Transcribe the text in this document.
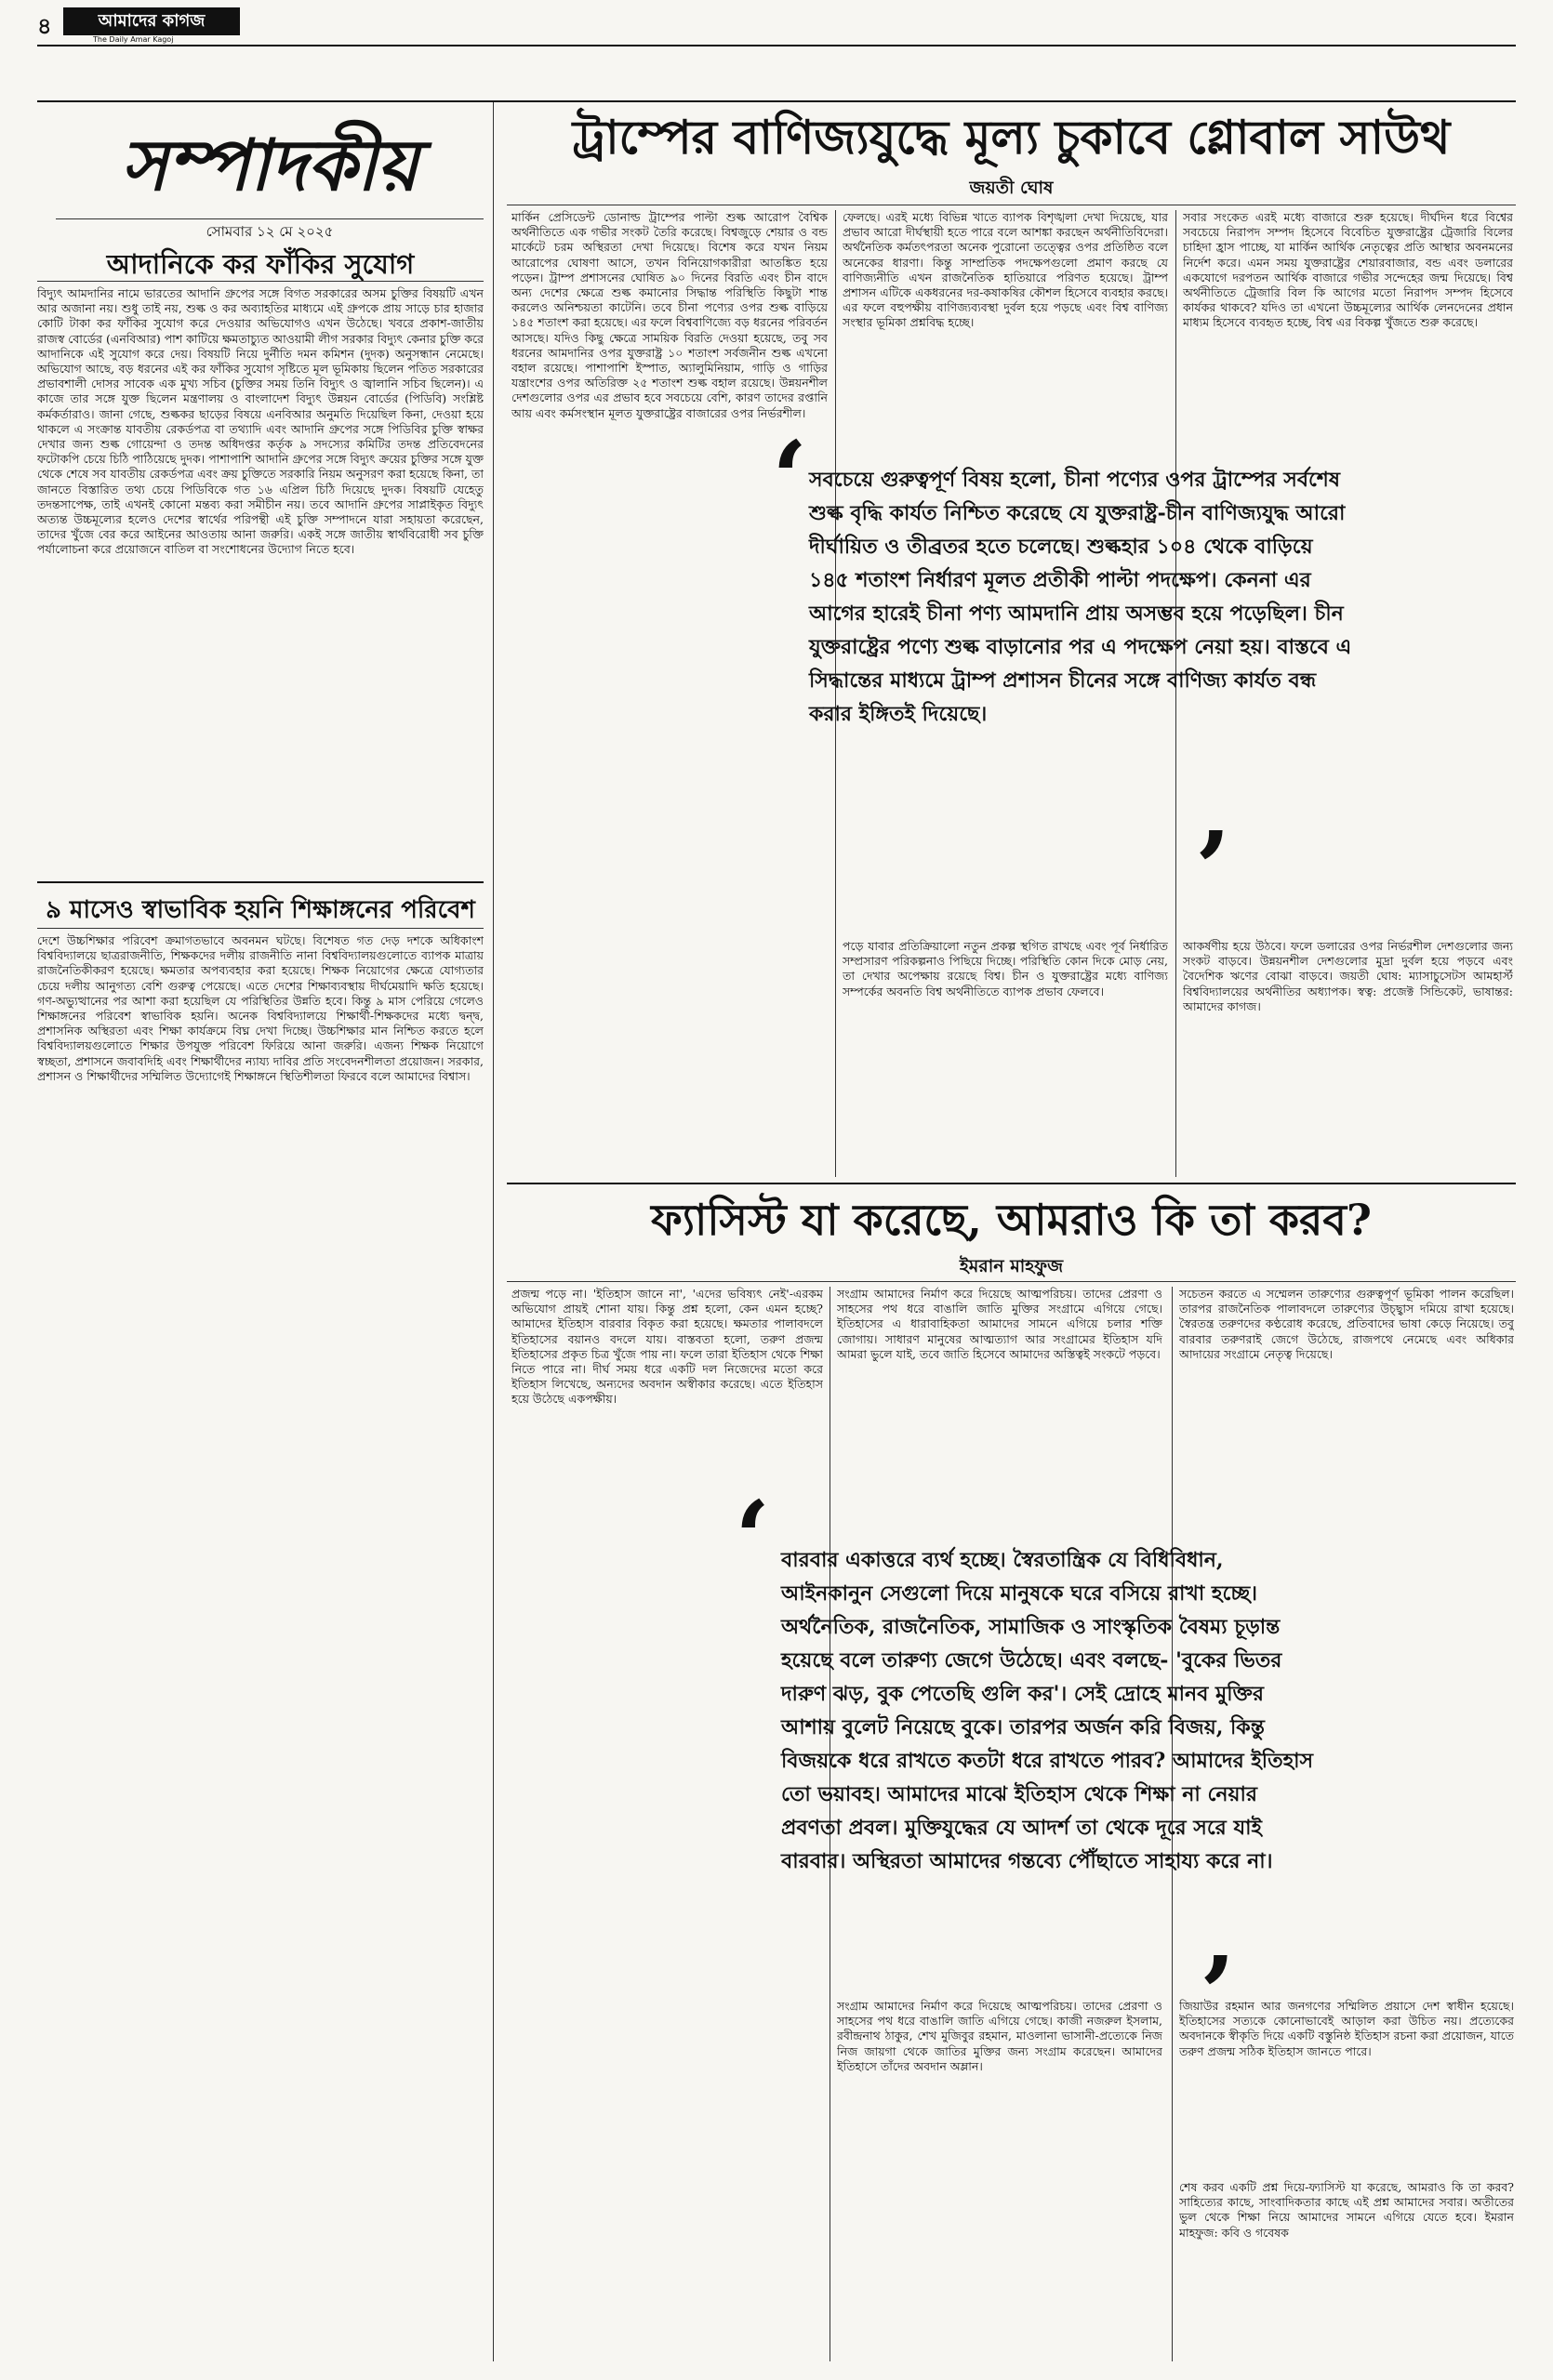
৪	আমাদের কাগজ
The Daily Amar Kagoj
সম্পাদকীয়
সোমবার ১২ মে ২০২৫
আদানিকে কর ফাঁকির সুযোগ
বিদ্যুৎ আমদানির নামে ভারতের আদানি গ্রুপের সঙ্গে বিগত সরকারের অসম চুক্তির বিষয়টি এখন আর অজানা নয়। শুধু তাই নয়, শুল্ক ও কর অব্যাহতির মাধ্যমে এই গ্রুপকে প্রায় সাড়ে চার হাজার কোটি টাকা কর ফাঁকির সুযোগ করে দেওয়ার অভিযোগও এখন উঠেছে। খবরে প্রকাশ-জাতীয় রাজস্ব বোর্ডের (এনবিআর) পাশ কাটিয়ে ক্ষমতাচ্যুত আওয়ামী লীগ সরকার বিদ্যুৎ কেনার চুক্তি করে আদানিকে এই সুযোগ করে দেয়। বিষয়টি নিয়ে দুর্নীতি দমন কমিশন (দুদক) অনুসন্ধান নেমেছে। অভিযোগ আছে, বড় ধরনের এই কর ফাঁকির সুযোগ সৃষ্টিতে মূল ভূমিকায় ছিলেন পতিত সরকারের প্রভাবশালী দোসর সাবেক এক মুখ্য সচিব (চুক্তির সময় তিনি বিদ্যুৎ ও জ্বালানি সচিব ছিলেন)। এ কাজে তার সঙ্গে যুক্ত ছিলেন মন্ত্রণালয় ও বাংলাদেশ বিদ্যুৎ উন্নয়ন বোর্ডের (পিডিবি) সংশ্লিষ্ট কর্মকর্তারাও। জানা গেছে, শুল্ককর ছাড়ের বিষয়ে এনবিআর অনুমতি দিয়েছিল কিনা, দেওয়া হয়ে থাকলে এ সংক্রান্ত যাবতীয় রেকর্ডপত্র বা তথ্যাদি এবং আদানি গ্রুপের সঙ্গে পিডিবির চুক্তি স্বাক্ষর দেখার জন্য শুল্ক গোয়েন্দা ও তদন্ত অধিদপ্তর কর্তৃক ৯ সদস্যের কমিটির তদন্ত প্রতিবেদনের ফটোকপি চেয়ে চিঠি পাঠিয়েছে দুদক। পাশাপাশি আদানি গ্রুপের সঙ্গে বিদ্যুৎ ক্রয়ের চুক্তির সঙ্গে যুক্ত থেকে শেষে সব যাবতীয় রেকর্ডপত্র এবং ক্রয় চুক্তিতে সরকারি নিয়ম অনুসরণ করা হয়েছে কিনা, তা জানতে বিস্তারিত তথ্য চেয়ে পিডিবিকে গত ১৬ এপ্রিল চিঠি দিয়েছে দুদক। বিষয়টি যেহেতু তদন্তসাপেক্ষ, তাই এখনই কোনো মন্তব্য করা সমীচীন নয়। তবে আদানি গ্রুপের সাপ্লাইকৃত বিদ্যুৎ অত্যন্ত উচ্চমূল্যের হলেও দেশের স্বার্থের পরিপন্থী এই চুক্তি সম্পাদনে যারা সহায়তা করেছেন, তাদের খুঁজে বের করে আইনের আওতায় আনা জরুরি। একই সঙ্গে জাতীয় স্বার্থবিরোধী সব চুক্তি পর্যালোচনা করে প্রয়োজনে বাতিল বা সংশোধনের উদ্যোগ নিতে হবে।
৯ মাসেও স্বাভাবিক হয়নি শিক্ষাঙ্গনের পরিবেশ
দেশে উচ্চশিক্ষার পরিবেশ ক্রমাগতভাবে অবনমন ঘটছে। বিশেষত গত দেড় দশকে অধিকাংশ বিশ্ববিদ্যালয়ে ছাত্ররাজনীতি, শিক্ষকদের দলীয় রাজনীতি নানা বিশ্ববিদ্যালয়গুলোতে ব্যাপক মাত্রায় রাজনৈতিকীকরণ হয়েছে। ক্ষমতার অপব্যবহার করা হয়েছে। শিক্ষক নিয়োগের ক্ষেত্রে যোগ্যতার চেয়ে দলীয় আনুগত্য বেশি গুরুত্ব পেয়েছে। এতে দেশের শিক্ষাব্যবস্থায় দীর্ঘমেয়াদি ক্ষতি হয়েছে। গণ-অভ্যুত্থানের পর আশা করা হয়েছিল যে পরিস্থিতির উন্নতি হবে। কিন্তু ৯ মাস পেরিয়ে গেলেও শিক্ষাঙ্গনের পরিবেশ স্বাভাবিক হয়নি। অনেক বিশ্ববিদ্যালয়ে শিক্ষার্থী-শিক্ষকদের মধ্যে দ্বন্দ্ব, প্রশাসনিক অস্থিরতা এবং শিক্ষা কার্যক্রমে বিঘ্ন দেখা দিচ্ছে। উচ্চশিক্ষার মান নিশ্চিত করতে হলে বিশ্ববিদ্যালয়গুলোতে শিক্ষার উপযুক্ত পরিবেশ ফিরিয়ে আনা জরুরি। এজন্য শিক্ষক নিয়োগে স্বচ্ছতা, প্রশাসনে জবাবদিহি এবং শিক্ষার্থীদের ন্যায্য দাবির প্রতি সংবেদনশীলতা প্রয়োজন। সরকার, প্রশাসন ও শিক্ষার্থীদের সম্মিলিত উদ্যোগেই শিক্ষাঙ্গনে স্থিতিশীলতা ফিরবে বলে আমাদের বিশ্বাস।
ট্রাম্পের বাণিজ্যযুদ্ধে মূল্য চুকাবে গ্লোবাল সাউথ
জয়তী ঘোষ
মার্কিন প্রেসিডেন্ট ডোনাল্ড ট্রাম্পের পাল্টা শুল্ক আরোপ বৈশ্বিক অর্থনীতিতে এক গভীর সংকট তৈরি করেছে। বিশ্বজুড়ে শেয়ার ও বন্ড মার্কেটে চরম অস্থিরতা দেখা দিয়েছে। বিশেষ করে যখন নিয়ম আরোপের ঘোষণা আসে, তখন বিনিয়োগকারীরা আতঙ্কিত হয়ে পড়েন। ট্রাম্প প্রশাসনের ঘোষিত ৯০ দিনের বিরতি এবং চীন বাদে অন্য দেশের ক্ষেত্রে শুল্ক কমানোর সিদ্ধান্ত পরিস্থিতি কিছুটা শান্ত করলেও অনিশ্চয়তা কাটেনি। তবে চীনা পণ্যের ওপর শুল্ক বাড়িয়ে ১৪৫ শতাংশ করা হয়েছে। এর ফলে বিশ্ববাণিজ্যে বড় ধরনের পরিবর্তন আসছে। যদিও কিছু ক্ষেত্রে সাময়িক বিরতি দেওয়া হয়েছে, তবু সব ধরনের আমদানির ওপর যুক্তরাষ্ট্র ১০ শতাংশ সর্বজনীন শুল্ক এখনো বহাল রয়েছে। পাশাপাশি ইস্পাত, অ্যালুমিনিয়াম, গাড়ি ও গাড়ির যন্ত্রাংশের ওপর অতিরিক্ত ২৫ শতাংশ শুল্ক বহাল রয়েছে। উন্নয়নশীল দেশগুলোর ওপর এর প্রভাব হবে সবচেয়ে বেশি, কারণ তাদের রপ্তানি আয় এবং কর্মসংস্থান মূলত যুক্তরাষ্ট্রের বাজারের ওপর নির্ভরশীল।
ফেলছে। এরই মধ্যে বিভিন্ন খাতে ব্যাপক বিশৃঙ্খলা দেখা দিয়েছে, যার প্রভাব আরো দীর্ঘস্থায়ী হতে পারে বলে আশঙ্কা করছেন অর্থনীতিবিদেরা। অর্থনৈতিক কর্মতৎপরতা অনেক পুরোনো তত্ত্বের ওপর প্রতিষ্ঠিত বলে অনেকের ধারণা। কিন্তু সাম্প্রতিক পদক্ষেপগুলো প্রমাণ করছে যে বাণিজ্যনীতি এখন রাজনৈতিক হাতিয়ারে পরিণত হয়েছে। ট্রাম্প প্রশাসন এটিকে একধরনের দর-কষাকষির কৌশল হিসেবে ব্যবহার করছে। এর ফলে বহুপক্ষীয় বাণিজ্যব্যবস্থা দুর্বল হয়ে পড়ছে এবং বিশ্ব বাণিজ্য সংস্থার ভূমিকা প্রশ্নবিদ্ধ হচ্ছে।
সবার সংকেত এরই মধ্যে বাজারে শুরু হয়েছে। দীর্ঘদিন ধরে বিশ্বের সবচেয়ে নিরাপদ সম্পদ হিসেবে বিবেচিত যুক্তরাষ্ট্রের ট্রেজারি বিলের চাহিদা হ্রাস পাচ্ছে, যা মার্কিন আর্থিক নেতৃত্বের প্রতি আস্থার অবনমনের নির্দেশ করে। এমন সময় যুক্তরাষ্ট্রের শেয়ারবাজার, বন্ড এবং ডলারের একযোগে দরপতন আর্থিক বাজারে গভীর সন্দেহের জন্ম দিয়েছে। বিশ্ব অর্থনীতিতে ট্রেজারি বিল কি আগের মতো নিরাপদ সম্পদ হিসেবে কার্যকর থাকবে? যদিও তা এখনো উচ্চমূল্যের আর্থিক লেনদেনের প্রধান মাধ্যম হিসেবে ব্যবহৃত হচ্ছে, বিশ্ব এর বিকল্প খুঁজতে শুরু করেছে।
‘ সবচেয়ে গুরুত্বপূর্ণ বিষয় হলো, চীনা পণ্যের ওপর ট্রাম্পের সর্বশেষ শুল্ক বৃদ্ধি কার্যত নিশ্চিত করেছে যে যুক্তরাষ্ট্র-চীন বাণিজ্যযুদ্ধ আরো দীর্ঘায়িত ও তীব্রতর হতে চলেছে। শুল্কহার ১০৪ থেকে বাড়িয়ে ১৪৫ শতাংশ নির্ধারণ মূলত প্রতীকী পাল্টা পদক্ষেপ। কেননা এর আগের হারেই চীনা পণ্য আমদানি প্রায় অসম্ভব হয়ে পড়েছিল। চীন যুক্তরাষ্ট্রের পণ্যে শুল্ক বাড়ানোর পর এ পদক্ষেপ নেয়া হয়। বাস্তবে এ সিদ্ধান্তের মাধ্যমে ট্রাম্প প্রশাসন চীনের সঙ্গে বাণিজ্য কার্যত বন্ধ করার ইঙ্গিতই দিয়েছে।
’
পড়ে যাবার প্রতিক্রিয়ালো নতুন প্রকল্প স্থগিত রাখছে এবং পূর্ব নির্ধারিত সম্প্রসারণ পরিকল্পনাও পিছিয়ে দিচ্ছে। পরিস্থিতি কোন দিকে মোড় নেয়, তা দেখার অপেক্ষায় রয়েছে বিশ্ব। চীন ও যুক্তরাষ্ট্রের মধ্যে বাণিজ্য সম্পর্কের অবনতি বিশ্ব অর্থনীতিতে ব্যাপক প্রভাব ফেলবে।
আকর্ষণীয় হয়ে উঠবে। ফলে ডলারের ওপর নির্ভরশীল দেশগুলোর জন্য সংকট বাড়বে। উন্নয়নশীল দেশগুলোর মুদ্রা দুর্বল হয়ে পড়বে এবং বৈদেশিক ঋণের বোঝা বাড়বে। জয়তী ঘোষ: ম্যাসাচুসেটস আমহার্স্ট বিশ্ববিদ্যালয়ের অর্থনীতির অধ্যাপক। স্বত্ব: প্রজেক্ট সিন্ডিকেট, ভাষান্তর: আমাদের কাগজ।
ফ্যাসিস্ট যা করেছে, আমরাও কি তা করব?
ইমরান মাহফুজ
প্রজন্ম পড়ে না। 'ইতিহাস জানে না', 'এদের ভবিষ্যৎ নেই'-এরকম অভিযোগ প্রায়ই শোনা যায়। কিন্তু প্রশ্ন হলো, কেন এমন হচ্ছে? আমাদের ইতিহাস বারবার বিকৃত করা হয়েছে। ক্ষমতার পালাবদলে ইতিহাসের বয়ানও বদলে যায়। বাস্তবতা হলো, তরুণ প্রজন্ম ইতিহাসের প্রকৃত চিত্র খুঁজে পায় না। ফলে তারা ইতিহাস থেকে শিক্ষা নিতে পারে না। দীর্ঘ সময় ধরে একটি দল নিজেদের মতো করে ইতিহাস লিখেছে, অন্যদের অবদান অস্বীকার করেছে। এতে ইতিহাস হয়ে উঠেছে একপক্ষীয়।
সংগ্রাম আমাদের নির্মাণ করে দিয়েছে আত্মপরিচয়। তাদের প্রেরণা ও সাহসের পথ ধরে বাঙালি জাতি মুক্তির সংগ্রামে এগিয়ে গেছে। ইতিহাসের এ ধারাবাহিকতা আমাদের সামনে এগিয়ে চলার শক্তি জোগায়। সাধারণ মানুষের আত্মত্যাগ আর সংগ্রামের ইতিহাস যদি আমরা ভুলে যাই, তবে জাতি হিসেবে আমাদের অস্তিত্বই সংকটে পড়বে।
সচেতন করতে এ সম্মেলন তারুণ্যের গুরুত্বপূর্ণ ভূমিকা পালন করেছিল। তারপর রাজনৈতিক পালাবদলে তারুণ্যের উচ্ছ্বাস দমিয়ে রাখা হয়েছে। স্বৈরতন্ত্র তরুণদের কণ্ঠরোধ করেছে, প্রতিবাদের ভাষা কেড়ে নিয়েছে। তবু বারবার তরুণরাই জেগে উঠেছে, রাজপথে নেমেছে এবং অধিকার আদায়ের সংগ্রামে নেতৃত্ব দিয়েছে।
‘ বারবার একাত্তরে ব্যর্থ হচ্ছে। স্বৈরতান্ত্রিক যে বিধিবিধান, আইনকানুন সেগুলো দিয়ে মানুষকে ঘরে বসিয়ে রাখা হচ্ছে। অর্থনৈতিক, রাজনৈতিক, সামাজিক ও সাংস্কৃতিক বৈষম্য চূড়ান্ত হয়েছে বলে তারুণ্য জেগে উঠেছে। এবং বলছে- 'বুকের ভিতর দারুণ ঝড়, বুক পেতেছি গুলি কর'। সেই দ্রোহে মানব মুক্তির আশায় বুলেট নিয়েছে বুকে। তারপর অর্জন করি বিজয়, কিন্তু বিজয়কে ধরে রাখতে কতটা ধরে রাখতে পারব? আমাদের ইতিহাস তো ভয়াবহ। আমাদের মাঝে ইতিহাস থেকে শিক্ষা না নেয়ার প্রবণতা প্রবল। মুক্তিযুদ্ধের যে আদর্শ তা থেকে দূরে সরে যাই বারবার। অস্থিরতা আমাদের গন্তব্যে পৌঁছাতে সাহায্য করে না।
’
সংগ্রাম আমাদের নির্মাণ করে দিয়েছে আত্মপরিচয়। তাদের প্রেরণা ও সাহসের পথ ধরে বাঙালি জাতি এগিয়ে গেছে। কাজী নজরুল ইসলাম, রবীন্দ্রনাথ ঠাকুর, শেখ মুজিবুর রহমান, মাওলানা ভাসানী-প্রত্যেকে নিজ নিজ জায়গা থেকে জাতির মুক্তির জন্য সংগ্রাম করেছেন। আমাদের ইতিহাসে তাঁদের অবদান অম্লান।
জিয়াউর রহমান আর জনগণের সম্মিলিত প্রয়াসে দেশ স্বাধীন হয়েছে। ইতিহাসের সত্যকে কোনোভাবেই আড়াল করা উচিত নয়। প্রত্যেকের অবদানকে স্বীকৃতি দিয়ে একটি বস্তুনিষ্ঠ ইতিহাস রচনা করা প্রয়োজন, যাতে তরুণ প্রজন্ম সঠিক ইতিহাস জানতে পারে।
শেষ করব একটি প্রশ্ন দিয়ে-ফ্যাসিস্ট যা করেছে, আমরাও কি তা করব? সাহিত্যের কাছে, সাংবাদিকতার কাছে এই প্রশ্ন আমাদের সবার। অতীতের ভুল থেকে শিক্ষা নিয়ে আমাদের সামনে এগিয়ে যেতে হবে। ইমরান মাহফুজ: কবি ও গবেষক
